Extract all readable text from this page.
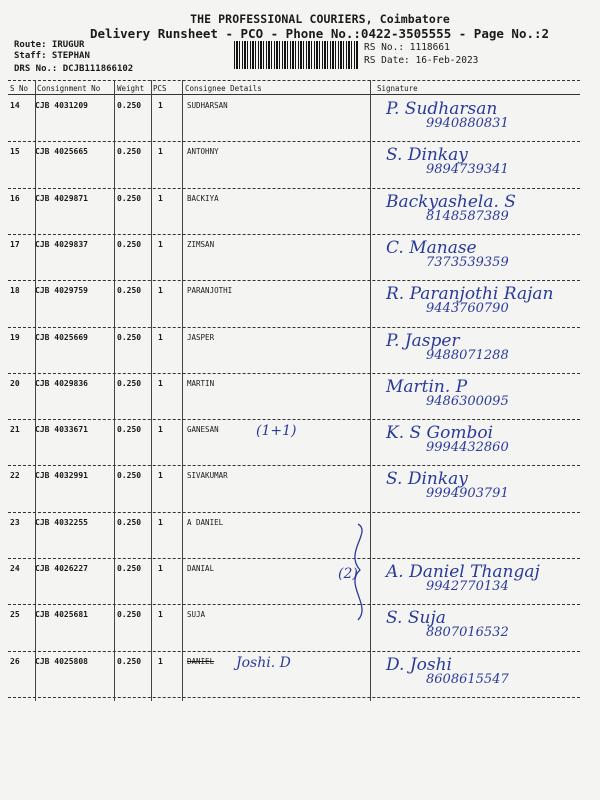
THE PROFESSIONAL COURIERS, Coimbatore
Delivery Runsheet - PCO - Phone No.:0422-3505555 - Page No.:2
Route: IRUGUR
Staff: STEPHAN
DRS No.: DCJB111866102
RS No.: 1118661
RS Date: 16-Feb-2023
S No Consignment No Weight PCS Consignee Details	Signature
14 CJB 4031209	0.250 1	SUDHARSAN	P. Sudharsan
9940880831
15 CJB 4025665	0.250 1	ANTOHNY	S. Dinkay
9894739341
16 CJB 4029871	0.250 1	BACKIYA	Backyashela. S
8148587389
17 CJB 4029837	0.250 1	ZIMSAN	C. Manase
7373539359
18 CJB 4029759	0.250 1	PARANJOTHI	R. Paranjothi Rajan
9443760790
19 CJB 4025669	0.250 1	JASPER	P. Jasper
9488071288
20 CJB 4029836	0.250 1	MARTIN	Martin. P
9486300095
21 CJB 4033671	0.250 1	GANESAN	K. S Gomboi
9994432860
22 CJB 4032991	0.250 1	SIVAKUMAR	S. Dinkay
9994903791
23 CJB 4032255	0.250 1	A DANIEL
24 CJB 4026227	0.250 1	DANIAL	A. Daniel Thangaj
9942770134
25 CJB 4025681	0.250 1	SUJA	S. Suja
8807016532
26 CJB 4025808	0.250 1	DANIEL	D. Joshi
8608615547
(1+1)
(2)
Joshi. D
